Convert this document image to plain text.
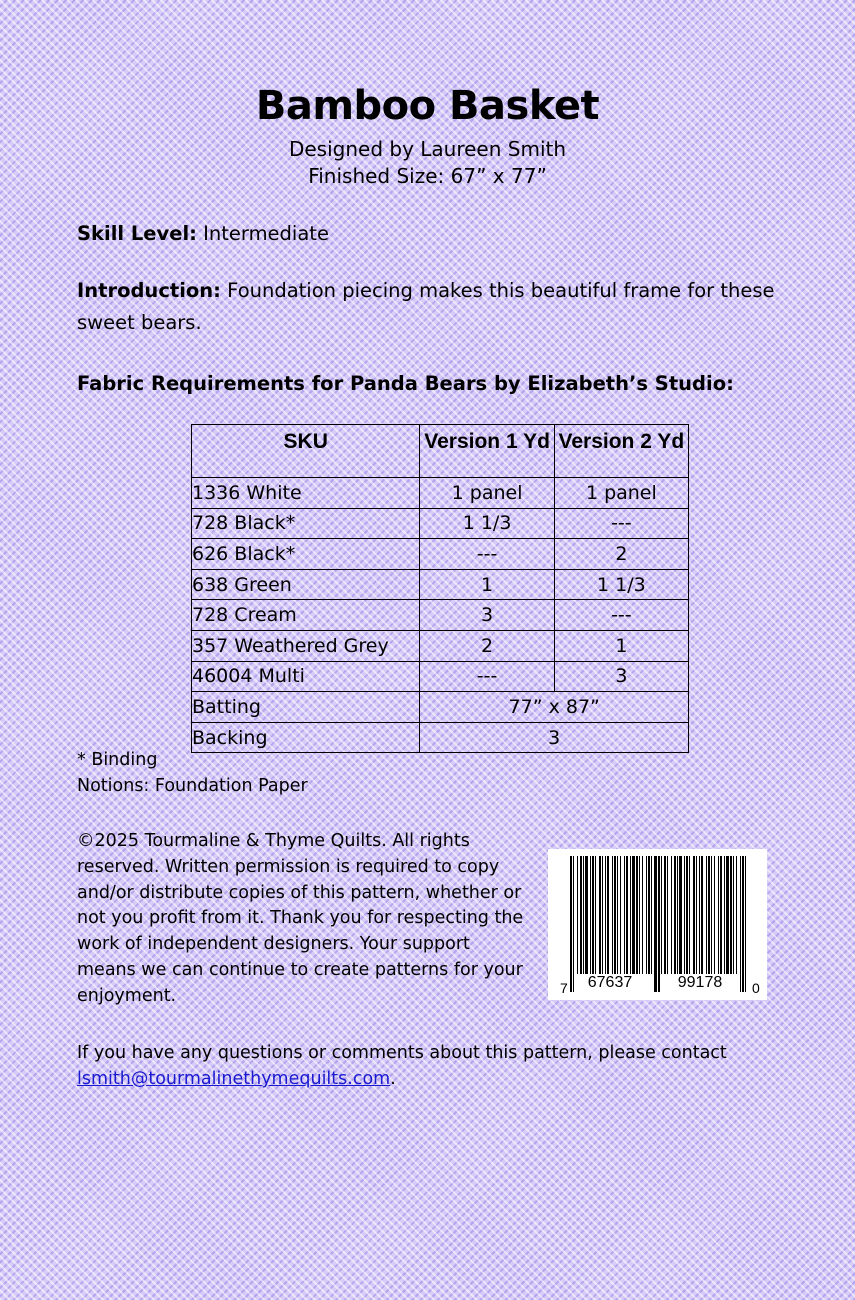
Bamboo Basket
Designed by Laureen Smith
Finished Size: 67” x 77”
Skill Level: Intermediate
Introduction: Foundation piecing makes this beautiful frame for these sweet bears.
Fabric Requirements for Panda Bears by Elizabeth’s Studio:
SKU	Version 1 Yd	Version 2 Yd
1336 White	1 panel	1 panel
728 Black*	1 1/3	---
626 Black*	---	2
638 Green	1	1 1/3
728 Cream	3	---
357 Weathered Grey	2	1
46004 Multi	---	3
Batting	77” x 87”	
Backing	3	
* Binding
Notions: Foundation Paper
©2025 Tourmaline & Thyme Quilts. All rights reserved. Written permission is required to copy and/or distribute copies of this pattern, whether or not you profit from it. Thank you for respecting the work of independent designers. Your support means we can continue to create patterns for your enjoyment.	7 67637	99178 0
If you have any questions or comments about this pattern, please contact lsmith@tourmalinethymequilts.com.
